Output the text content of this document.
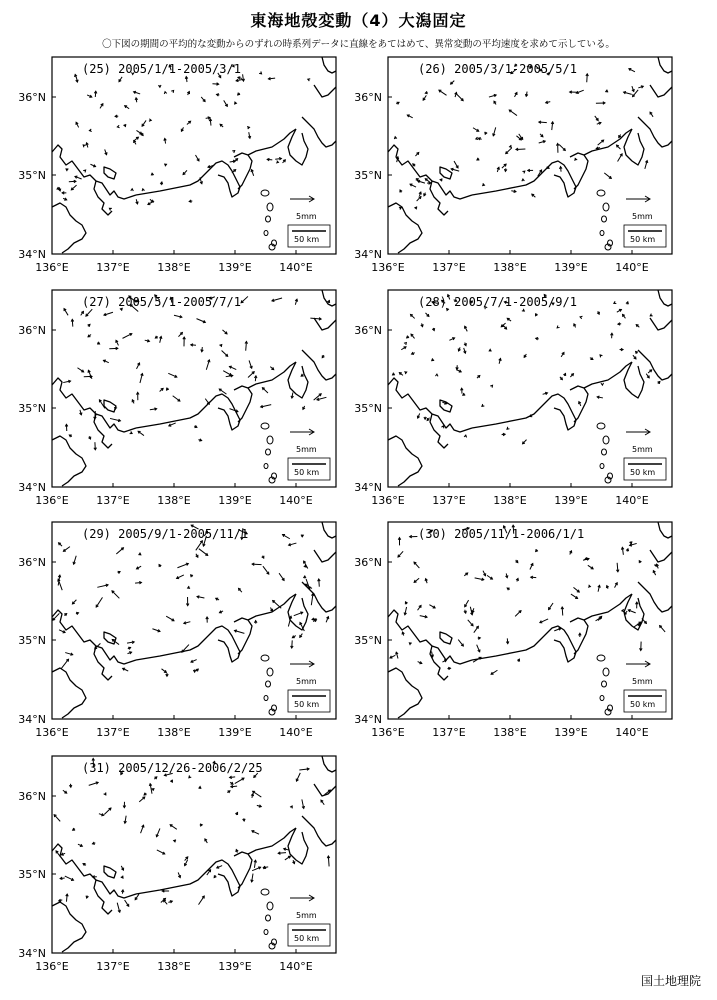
東海地殻変動（4）大潟固定
〇下図の期間の平均的な変動からのずれの時系列データに直線をあてはめて、異常変動の平均速度を求めて示している。
5mm
50 km
(25) 2005/1/1-2005/3/1
136°E	137°E	138°E	139°E	140°E
36°N
35°N
34°N
5mm
50 km
(26) 2005/3/1-2005/5/1
136°E	137°E	138°E	139°E	140°E
36°N
35°N
34°N
5mm
50 km
(27) 2005/5/1-2005/7/1
136°E	137°E	138°E	139°E	140°E
36°N
35°N
34°N
5mm
50 km
(28) 2005/7/1-2005/9/1
136°E	137°E	138°E	139°E	140°E
36°N
35°N
34°N
5mm
50 km
(29) 2005/9/1-2005/11/1
136°E	137°E	138°E	139°E	140°E
36°N
35°N
34°N
5mm
50 km
(30) 2005/11/1-2006/1/1
136°E	137°E	138°E	139°E	140°E
36°N
35°N
34°N
5mm
50 km
(31) 2005/12/26-2006/2/25
136°E	137°E	138°E	139°E	140°E
36°N
35°N
34°N
国土地理院
